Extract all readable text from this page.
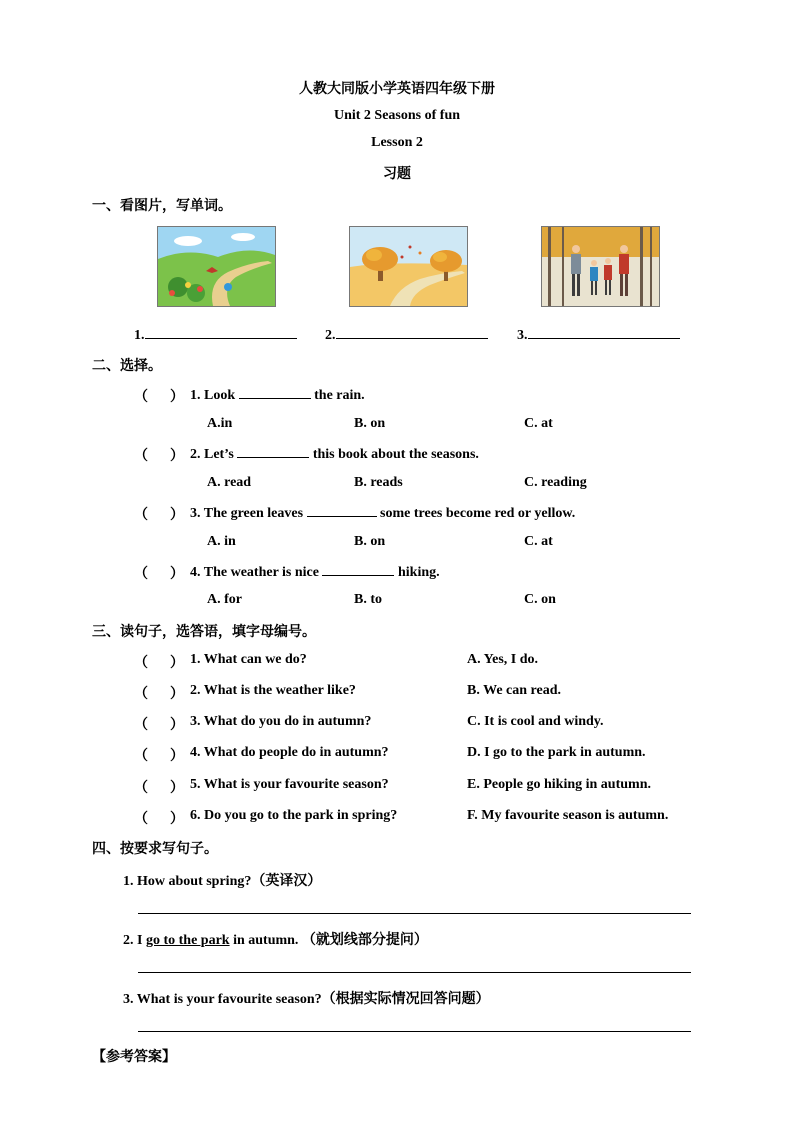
人教大同版小学英语四年级下册
Unit 2 Seasons of fun
Lesson 2
习题
一、看图片，写单词。
1.	2.	3.
二、选择。
（ ） 1. Look	the rain.
A.in	B. on	C. at
（ ） 2. Let’s	this book about the seasons.
A. read	B. reads	C. reading
（ ） 3. The green leaves	some trees become red or yellow.
A. in	B. on	C. at
（ ） 4. The weather is nice	hiking.
A. for	B. to	C. on
三、读句子，选答语，填字母编号。
（ ） 1. What can we do?	A. Yes, I do.
（ ） 2. What is the weather like?	B. We can read.
（ ） 3. What do you do in autumn?	C. It is cool and windy.
（ ） 4. What do people do in autumn?	D. I go to the park in autumn.
（ ） 5. What is your favourite season?	E. People go hiking in autumn.
（ ） 6. Do you go to the park in spring?	F. My favourite season is autumn.
四、按要求写句子。
1. How about spring?（英译汉）
2. I go to the park in autumn. （就划线部分提问）
3. What is your favourite season?（根据实际情况回答问题）
【参考答案】
